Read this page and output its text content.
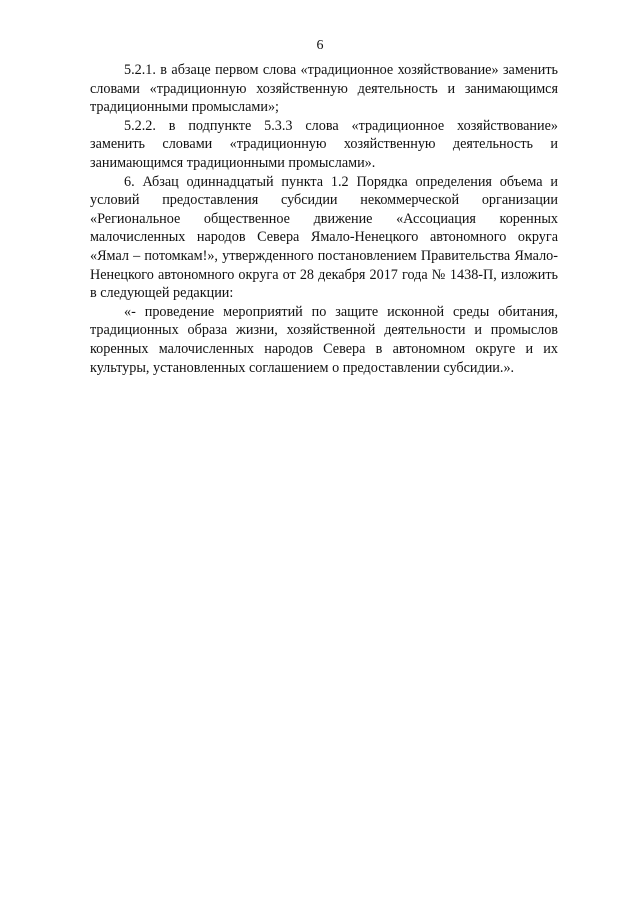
6

5.2.1. в абзаце первом слова «традиционное хозяйствование» заменить словами «традиционную хозяйственную деятельность и занимающимся традиционными промыслами»;

5.2.2. в подпункте 5.3.3 слова «традиционное хозяйствование» заменить словами «традиционную хозяйственную деятельность и занимающимся традиционными промыслами».

6. Абзац одиннадцатый пункта 1.2 Порядка определения объема и условий предоставления субсидии некоммерческой организации «Региональное общественное движение «Ассоциация коренных малочисленных народов Севера Ямало-Ненецкого автономного округа «Ямал – потомкам!», утвержденного постановлением Правительства Ямало-Ненецкого автономного округа от 28 декабря 2017 года № 1438-П, изложить в следующей редакции:

«- проведение мероприятий по защите исконной среды обитания, традиционных образа жизни, хозяйственной деятельности и промыслов коренных малочисленных народов Севера в автономном округе и их культуры, установленных соглашением о предоставлении субсидии.».
